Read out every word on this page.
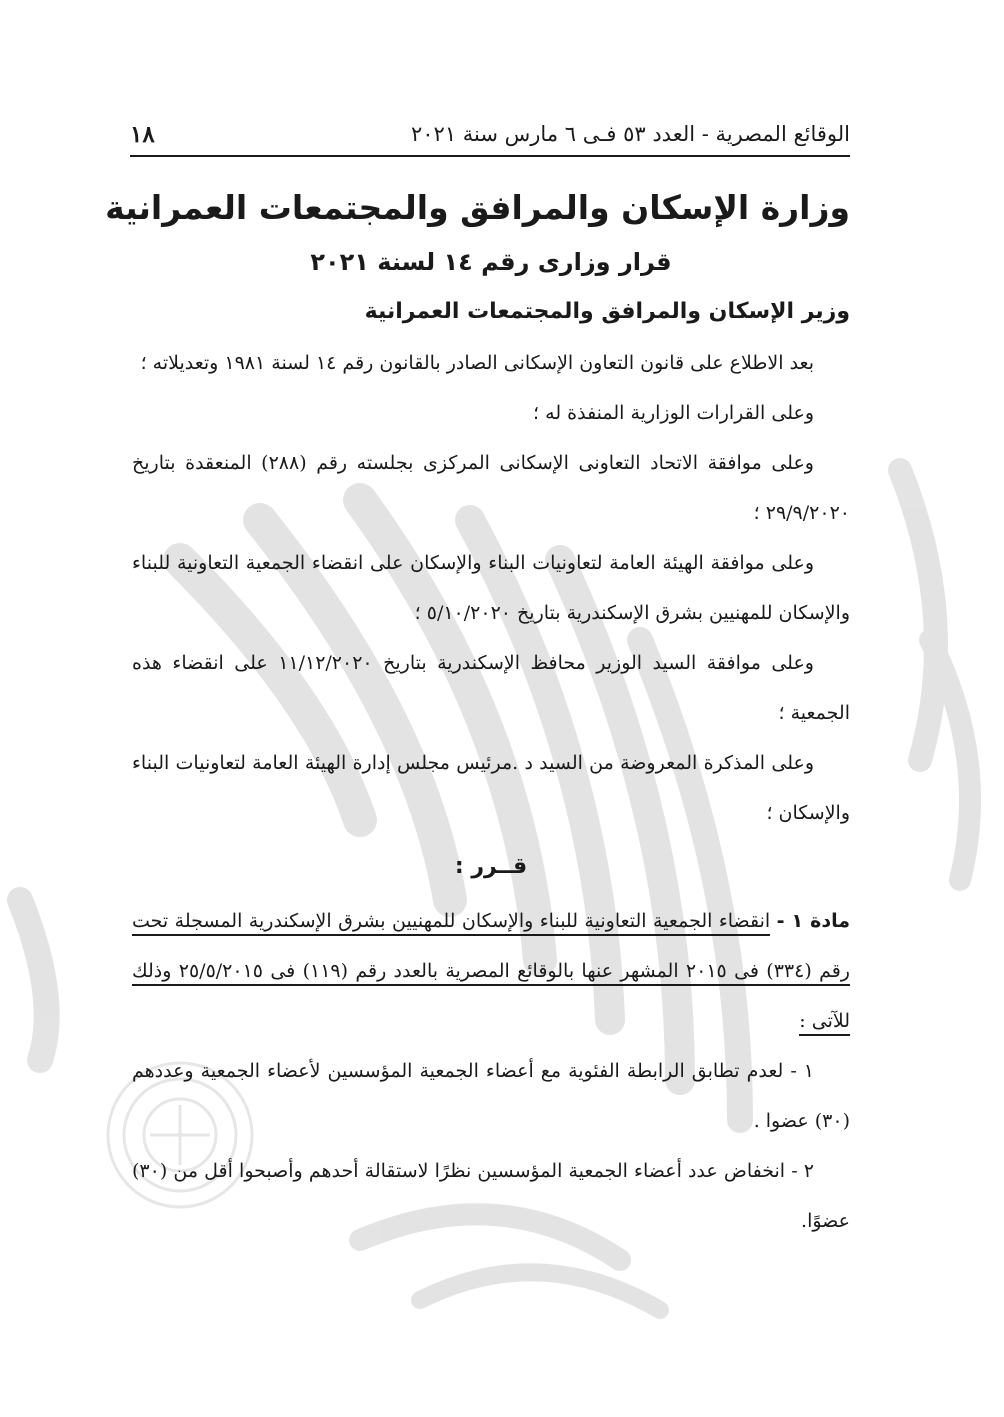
الوقائع المصرية - العدد ٥٣ فـى ٦ مارس سنة ٢٠٢١
١٨
وزارة الإسكان والمرافق والمجتمعات العمرانية
قرار وزارى رقم ١٤ لسنة ٢٠٢١
وزير الإسكان والمرافق والمجتمعات العمرانية

بعد الاطلاع على قانون التعاون الإسكانى الصادر بالقانون رقم ١٤ لسنة ١٩٨١ وتعديلاته ؛

وعلى القرارات الوزارية المنفذة له ؛

وعلى موافقة الاتحاد التعاونى الإسكانى المركزى بجلسته رقم (٢٨٨) المنعقدة بتاريخ ٢٩/٩/٢٠٢٠ ؛

وعلى موافقة الهيئة العامة لتعاونيات البناء والإسكان على انقضاء الجمعية التعاونية للبناء والإسكان للمهنيين بشرق الإسكندرية بتاريخ ٥/١٠/٢٠٢٠ ؛

وعلى موافقة السيد الوزير محافظ الإسكندرية بتاريخ ١١/١٢/٢٠٢٠ على انقضاء هذه الجمعية ؛

وعلى المذكرة المعروضة من السيد د .مرئيس مجلس إدارة الهيئة العامة لتعاونيات البناء والإسكان ؛

قــرر :

مادة ١ - انقضاء الجمعية التعاونية للبناء والإسكان للمهنيين بشرق الإسكندرية المسجلة تحت رقم (٣٣٤) فى ٢٠١٥ المشهر عنها بالوقائع المصرية بالعدد رقم (١١٩) فى ٢٥/٥/٢٠١٥ وذلك للآتى :

١ - لعدم تطابق الرابطة الفئوية مع أعضاء الجمعية المؤسسين لأعضاء الجمعية وعددهم (٣٠) عضوا .

٢ - انخفاض عدد أعضاء الجمعية المؤسسين نظرًا لاستقالة أحدهم وأصبحوا أقل من (٣٠) عضوًا.
